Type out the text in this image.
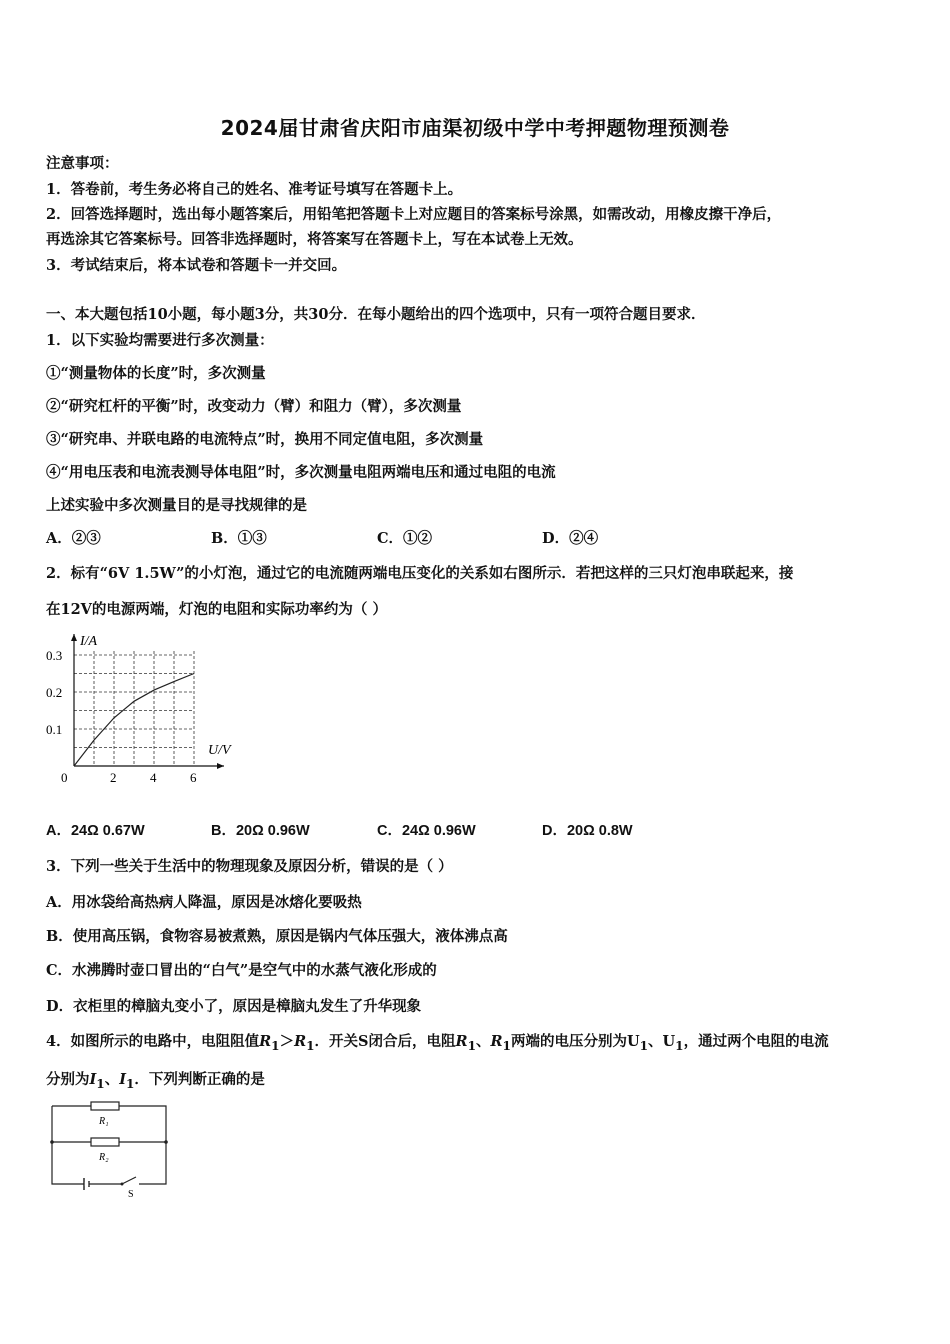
2024届甘肃省庆阳市庙渠初级中学中考押题物理预测卷
注意事项：
1．答卷前，考生务必将自己的姓名、准考证号填写在答题卡上。
2．回答选择题时，选出每小题答案后，用铅笔把答题卡上对应题目的答案标号涂黑，如需改动，用橡皮擦干净后，
再选涂其它答案标号。回答非选择题时，将答案写在答题卡上，写在本试卷上无效。
3．考试结束后，将本试卷和答题卡一并交回。
一、本大题包括10小题，每小题3分，共30分．在每小题给出的四个选项中，只有一项符合题目要求．
1．以下实验均需要进行多次测量：
①“测量物体的长度”时，多次测量
②“研究杠杆的平衡”时，改变动力（臂）和阻力（臂），多次测量
③“研究串、并联电路的电流特点”时，换用不同定值电阻，多次测量
④“用电压表和电流表测导体电阻”时，多次测量电阻两端电压和通过电阻的电流
上述实验中多次测量目的是寻找规律的是
A．②③	B．①③	C．①②	D．②④
2．标有“6V 1.5W”的小灯泡，通过它的电流随两端电压变化的关系如右图所示．若把这样的三只灯泡串联起来，接
在12V的电源两端，灯泡的电阻和实际功率约为（ ）
2	4	6
0.1
0.2
0.3
0
I/A
U/V
A．24Ω 0.67W	B．20Ω 0.96W	C．24Ω 0.96W	D．20Ω 0.8W
3．下列一些关于生活中的物理现象及原因分析，错误的是（ ）
A．用冰袋给高热病人降温，原因是冰熔化要吸热
B．使用高压锅，食物容易被煮熟，原因是锅内气体压强大，液体沸点高
C．水沸腾时壶口冒出的“白气”是空气中的水蒸气液化形成的
D．衣柜里的樟脑丸变小了，原因是樟脑丸发生了升华现象
4．如图所示的电路中，电阻阻值$R_1>R_1$．开关S闭合后，电阻$R_1$、$R_1$两端的电压分别为$U_1$、$U_1$，通过两个电阻的电流
分别为$I_1$、$I_1$．下列判断正确的是
R₁
R₂
S
